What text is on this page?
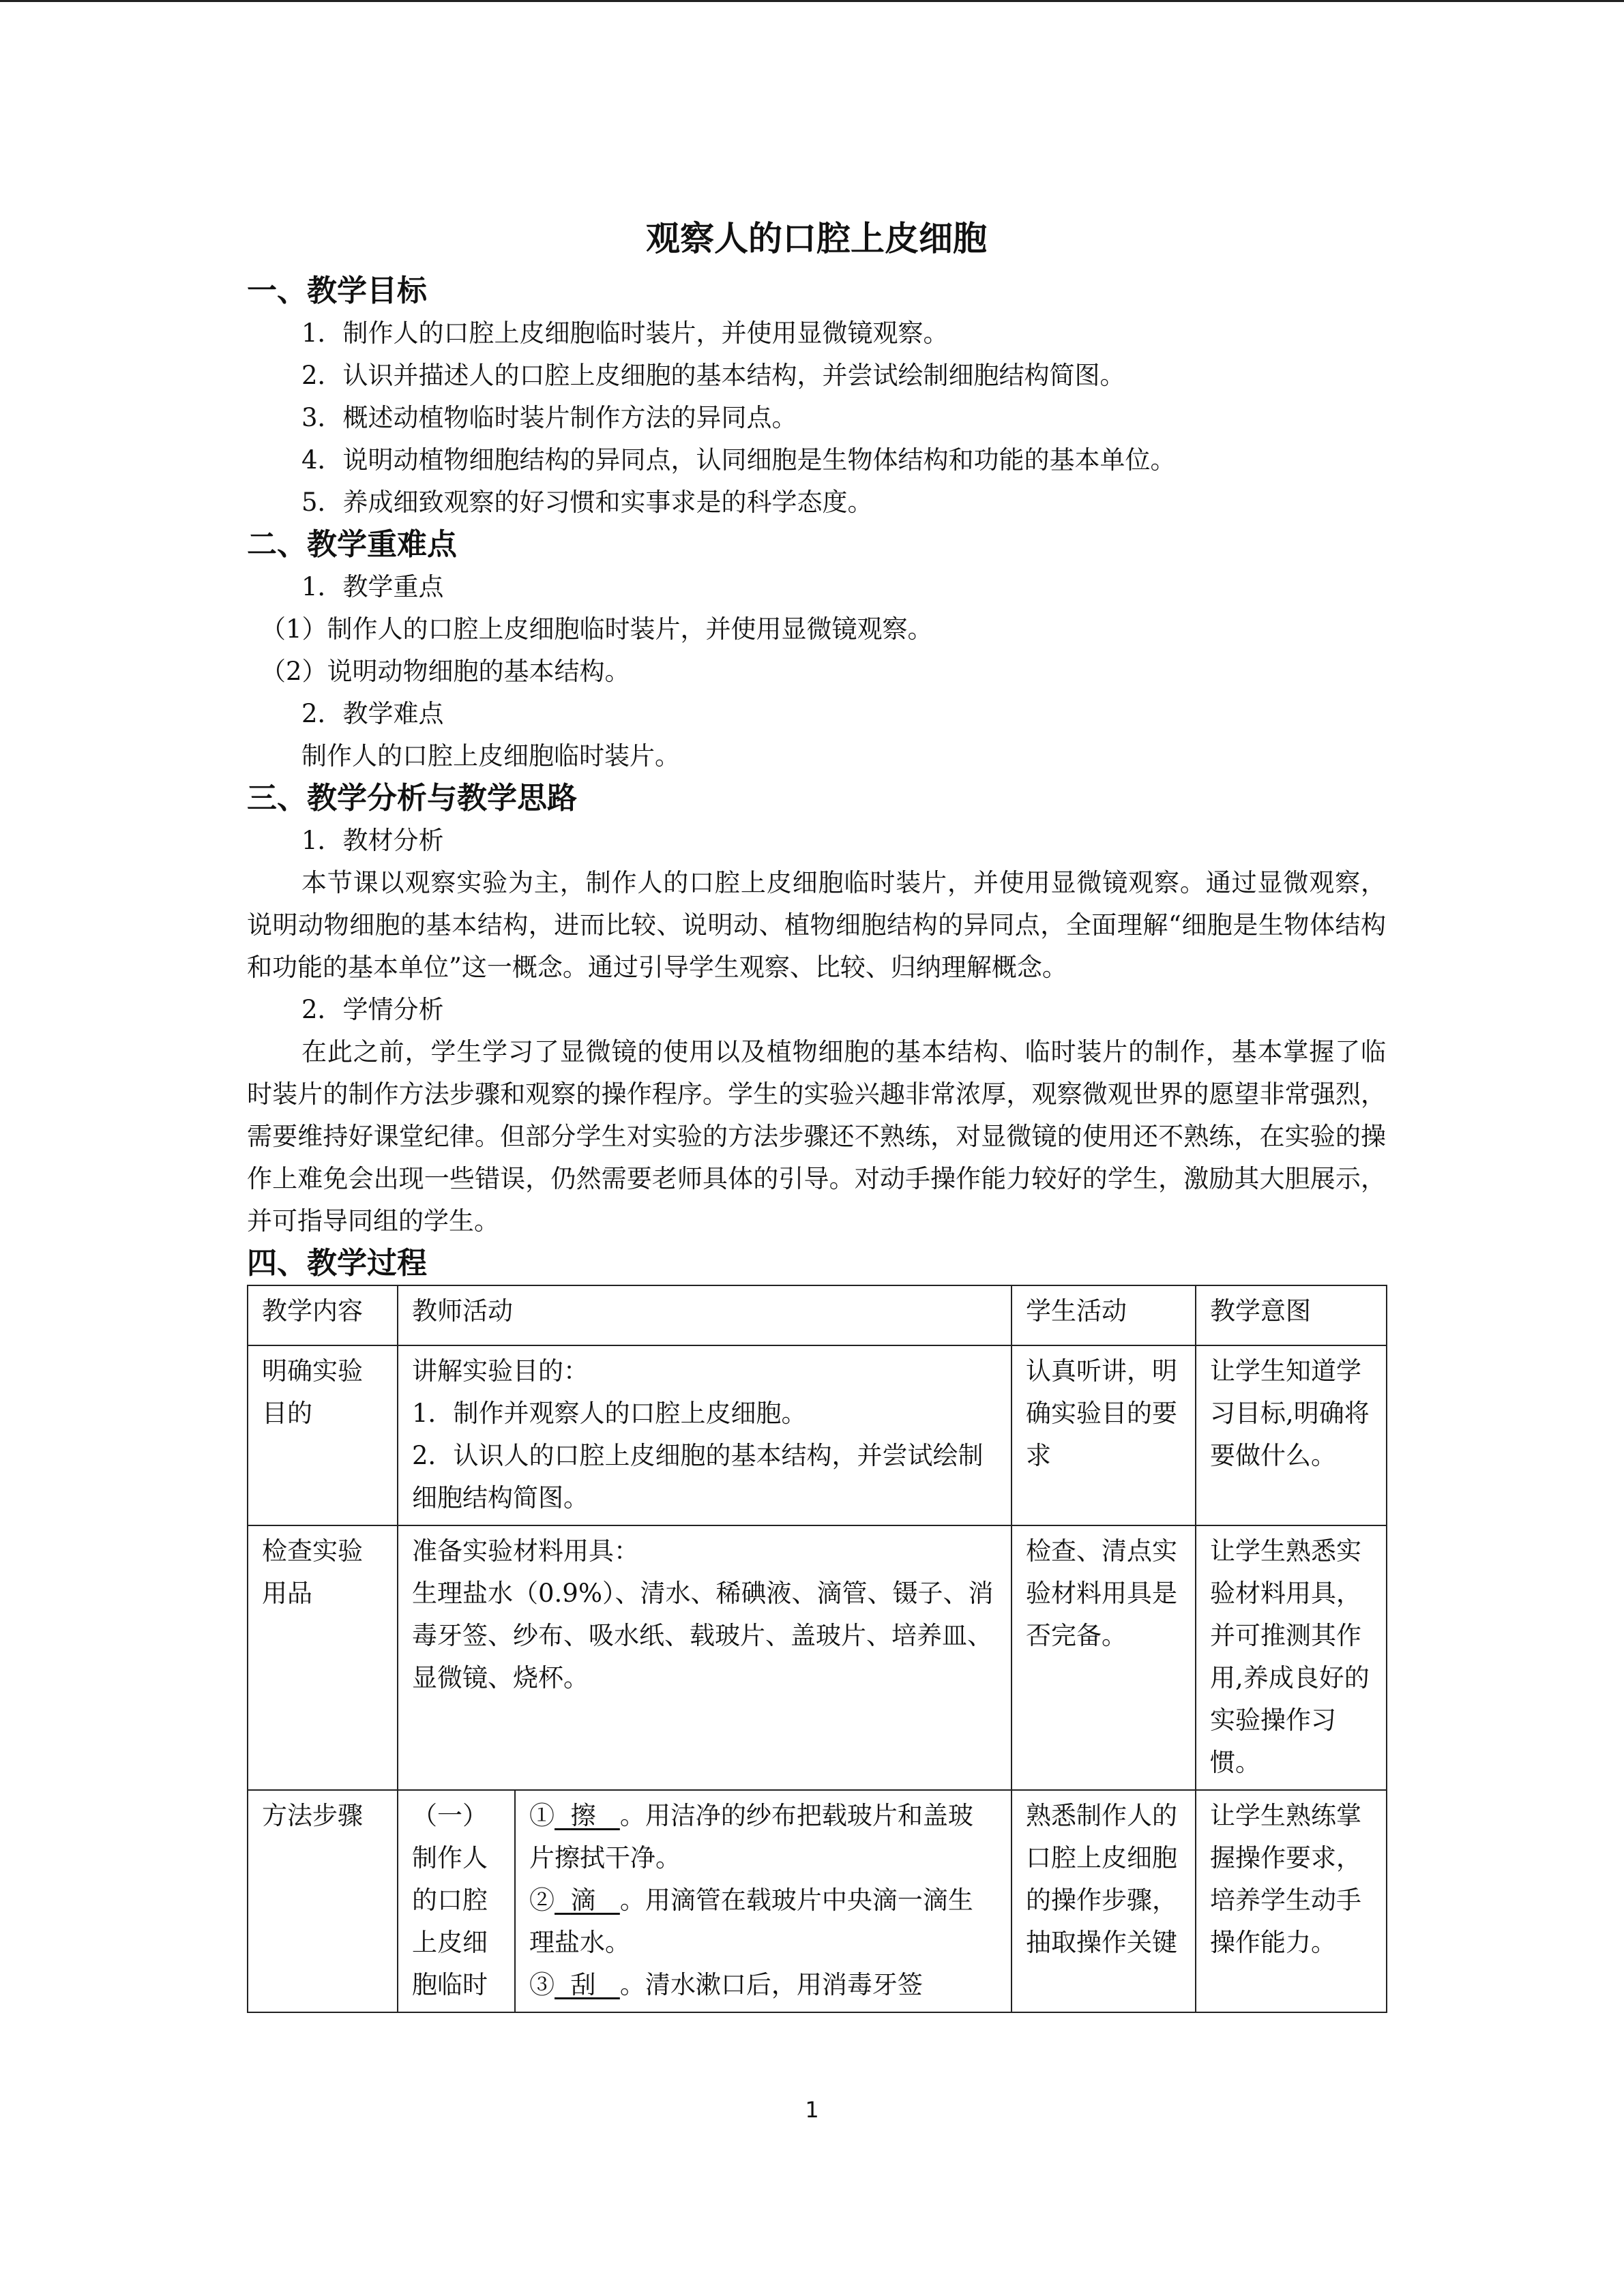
观察人的口腔上皮细胞
一、教学目标

1．制作人的口腔上皮细胞临时装片，并使用显微镜观察。

2．认识并描述人的口腔上皮细胞的基本结构，并尝试绘制细胞结构简图。

3．概述动植物临时装片制作方法的异同点。

4．说明动植物细胞结构的异同点，认同细胞是生物体结构和功能的基本单位。

5．养成细致观察的好习惯和实事求是的科学态度。

二、教学重难点

1．教学重点

（1）制作人的口腔上皮细胞临时装片，并使用显微镜观察。

（2）说明动物细胞的基本结构。

2．教学难点

制作人的口腔上皮细胞临时装片。

三、教学分析与教学思路

1．教材分析

本节课以观察实验为主，制作人的口腔上皮细胞临时装片，并使用显微镜观察。通过显微观察，说明动物细胞的基本结构，进而比较、说明动、植物细胞结构的异同点，全面理解“细胞是生物体结构和功能的基本单位”这一概念。通过引导学生观察、比较、归纳理解概念。

2．学情分析

在此之前，学生学习了显微镜的使用以及植物细胞的基本结构、临时装片的制作，基本掌握了临时装片的制作方法步骤和观察的操作程序。学生的实验兴趣非常浓厚，观察微观世界的愿望非常强烈，需要维持好课堂纪律。但部分学生对实验的方法步骤还不熟练，对显微镜的使用还不熟练，在实验的操作上难免会出现一些错误，仍然需要老师具体的引导。对动手操作能力较好的学生，激励其大胆展示，并可指导同组的学生。

四、教学过程
教学内容	教师活动		学生活动	教学意图
明确实验目的	讲解实验目的：
1．制作并观察人的口腔上皮细胞。
2．认识人的口腔上皮细胞的基本结构，并尝试绘制细胞结构简图。		认真听讲，明确实验目的要求	让学生知道学习目标,明确将要做什么。
检查实验用品	准备实验材料用具：
生理盐水（0.9%）、清水、稀碘液、滴管、镊子、消毒牙签、纱布、吸水纸、载玻片、盖玻片、培养皿、显微镜、烧杯。		检查、清点实验材料用具是否完备。	让学生熟悉实验材料用具，并可推测其作用,养成良好的实验操作习惯。
方法步骤	（一）制作人的口腔上皮细胞临时	① 擦 。用洁净的纱布把载玻片和盖玻片擦拭干净。
② 滴 。用滴管在载玻片中央滴一滴生理盐水。
③ 刮 。清水漱口后，用消毒牙签	熟悉制作人的口腔上皮细胞的操作步骤，抽取操作关键	让学生熟练掌握操作要求，培养学生动手操作能力。
1
